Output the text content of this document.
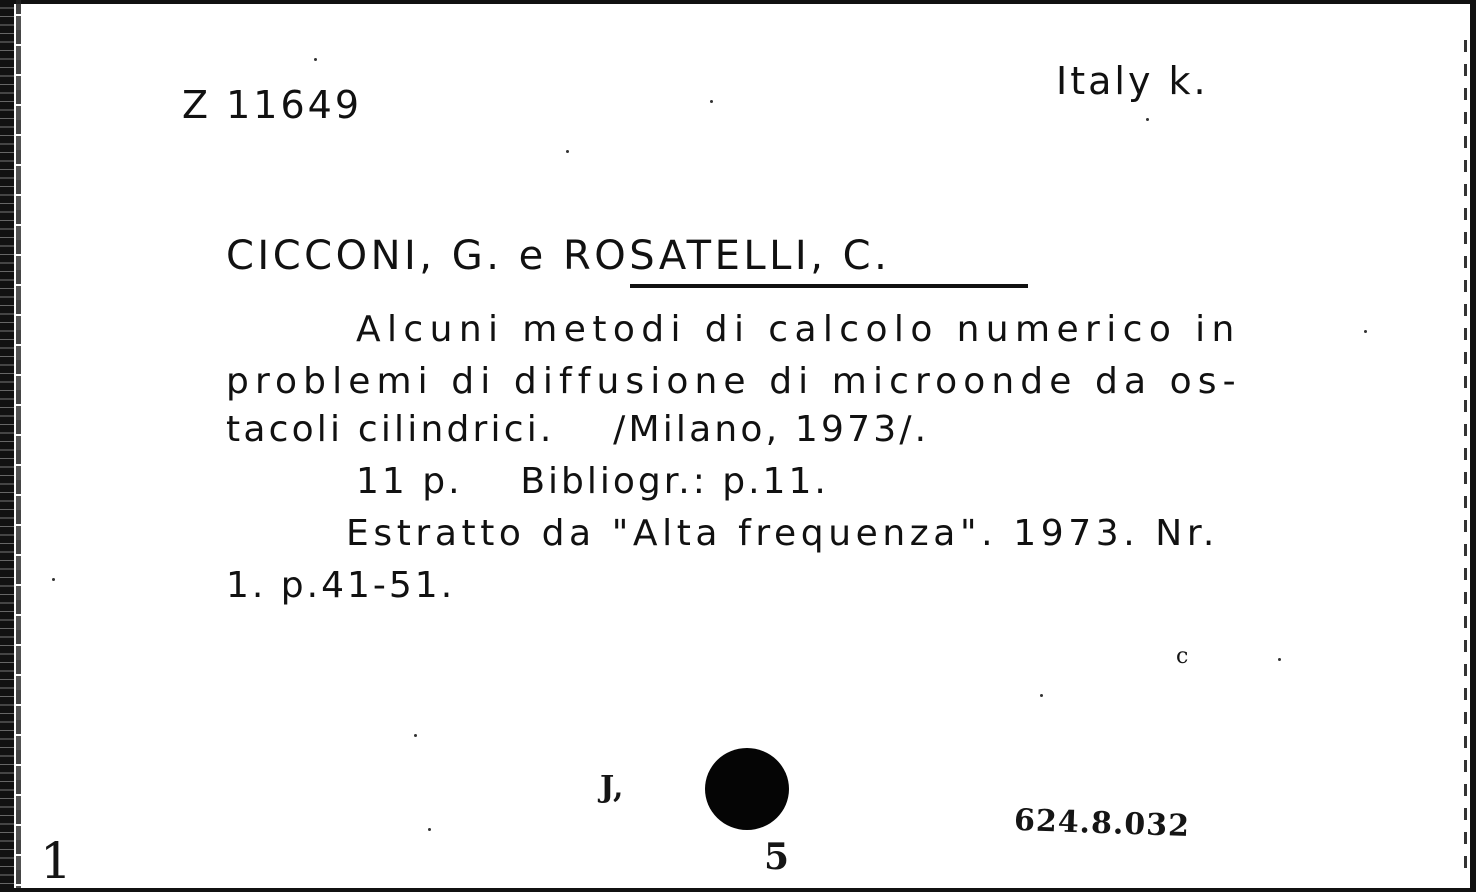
Z 11649
Italy k.
CICCONI, G. e ROSATELLI, C.
Alcuni metodi di calcolo numerico in
problemi di diffusione di microonde da os-
tacoli cilindrici.    /Milano, 1973/.
11 p.    Bibliogr.: p.11.
Estratto da "Alta frequenza". 1973. Nr.
1. p.41-51.
J,
5
1
c
624.8.032
